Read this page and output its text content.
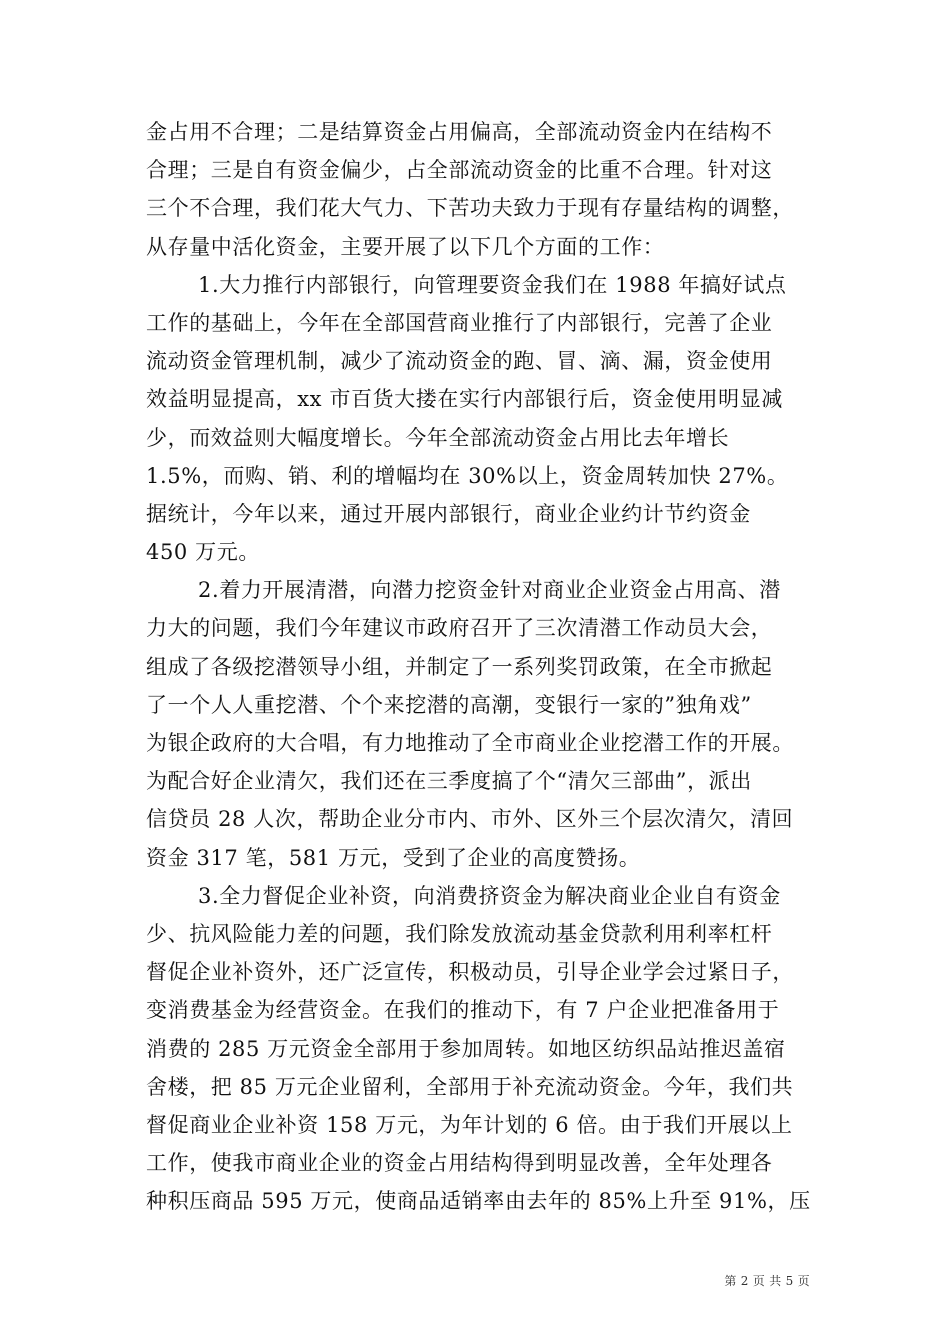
金占用不合理；二是结算资金占用偏高，全部流动资金内在结构不
合理；三是自有资金偏少，占全部流动资金的比重不合理。针对这
三个不合理，我们花大气力、下苦功夫致力于现有存量结构的调整，
从存量中活化资金，主要开展了以下几个方面的工作：
1.大力推行内部银行，向管理要资金我们在 1988 年搞好试点
工作的基础上，今年在全部国营商业推行了内部银行，完善了企业
流动资金管理机制，减少了流动资金的跑、冒、滴、漏，资金使用
效益明显提高，xx 市百货大搂在实行内部银行后，资金使用明显减
少，而效益则大幅度增长。今年全部流动资金占用比去年增长
1.5%，而购、销、利的增幅均在 30%以上，资金周转加快 27%。
据统计，今年以来，通过开展内部银行，商业企业约计节约资金
450 万元。
2.着力开展清潜，向潜力挖资金针对商业企业资金占用高、潜
力大的问题，我们今年建议市政府召开了三次清潜工作动员大会，
组成了各级挖潜领导小组，并制定了一系列奖罚政策，在全市掀起
了一个人人重挖潜、个个来挖潜的高潮，变银行一家的”独角戏”
为银企政府的大合唱，有力地推动了全市商业企业挖潜工作的开展。
为配合好企业清欠，我们还在三季度搞了个“清欠三部曲”，派出
信贷员 28 人次，帮助企业分市内、市外、区外三个层次清欠，清回
资金 317 笔，581 万元，受到了企业的高度赞扬。
3.全力督促企业补资，向消费挤资金为解决商业企业自有资金
少、抗风险能力差的问题，我们除发放流动基金贷款利用利率杠杆
督促企业补资外，还广泛宣传，积极动员，引导企业学会过紧日子，
变消费基金为经营资金。在我们的推动下，有 7 户企业把准备用于
消费的 285 万元资金全部用于参加周转。如地区纺织品站推迟盖宿
舍楼，把 85 万元企业留利，全部用于补充流动资金。今年，我们共
督促商业企业补资 158 万元，为年计划的 6 倍。由于我们开展以上
工作，使我市商业企业的资金占用结构得到明显改善，全年处理各
种积压商品 595 万元，使商品适销率由去年的 85%上升至 91%，压
第 2 页 共 5 页
